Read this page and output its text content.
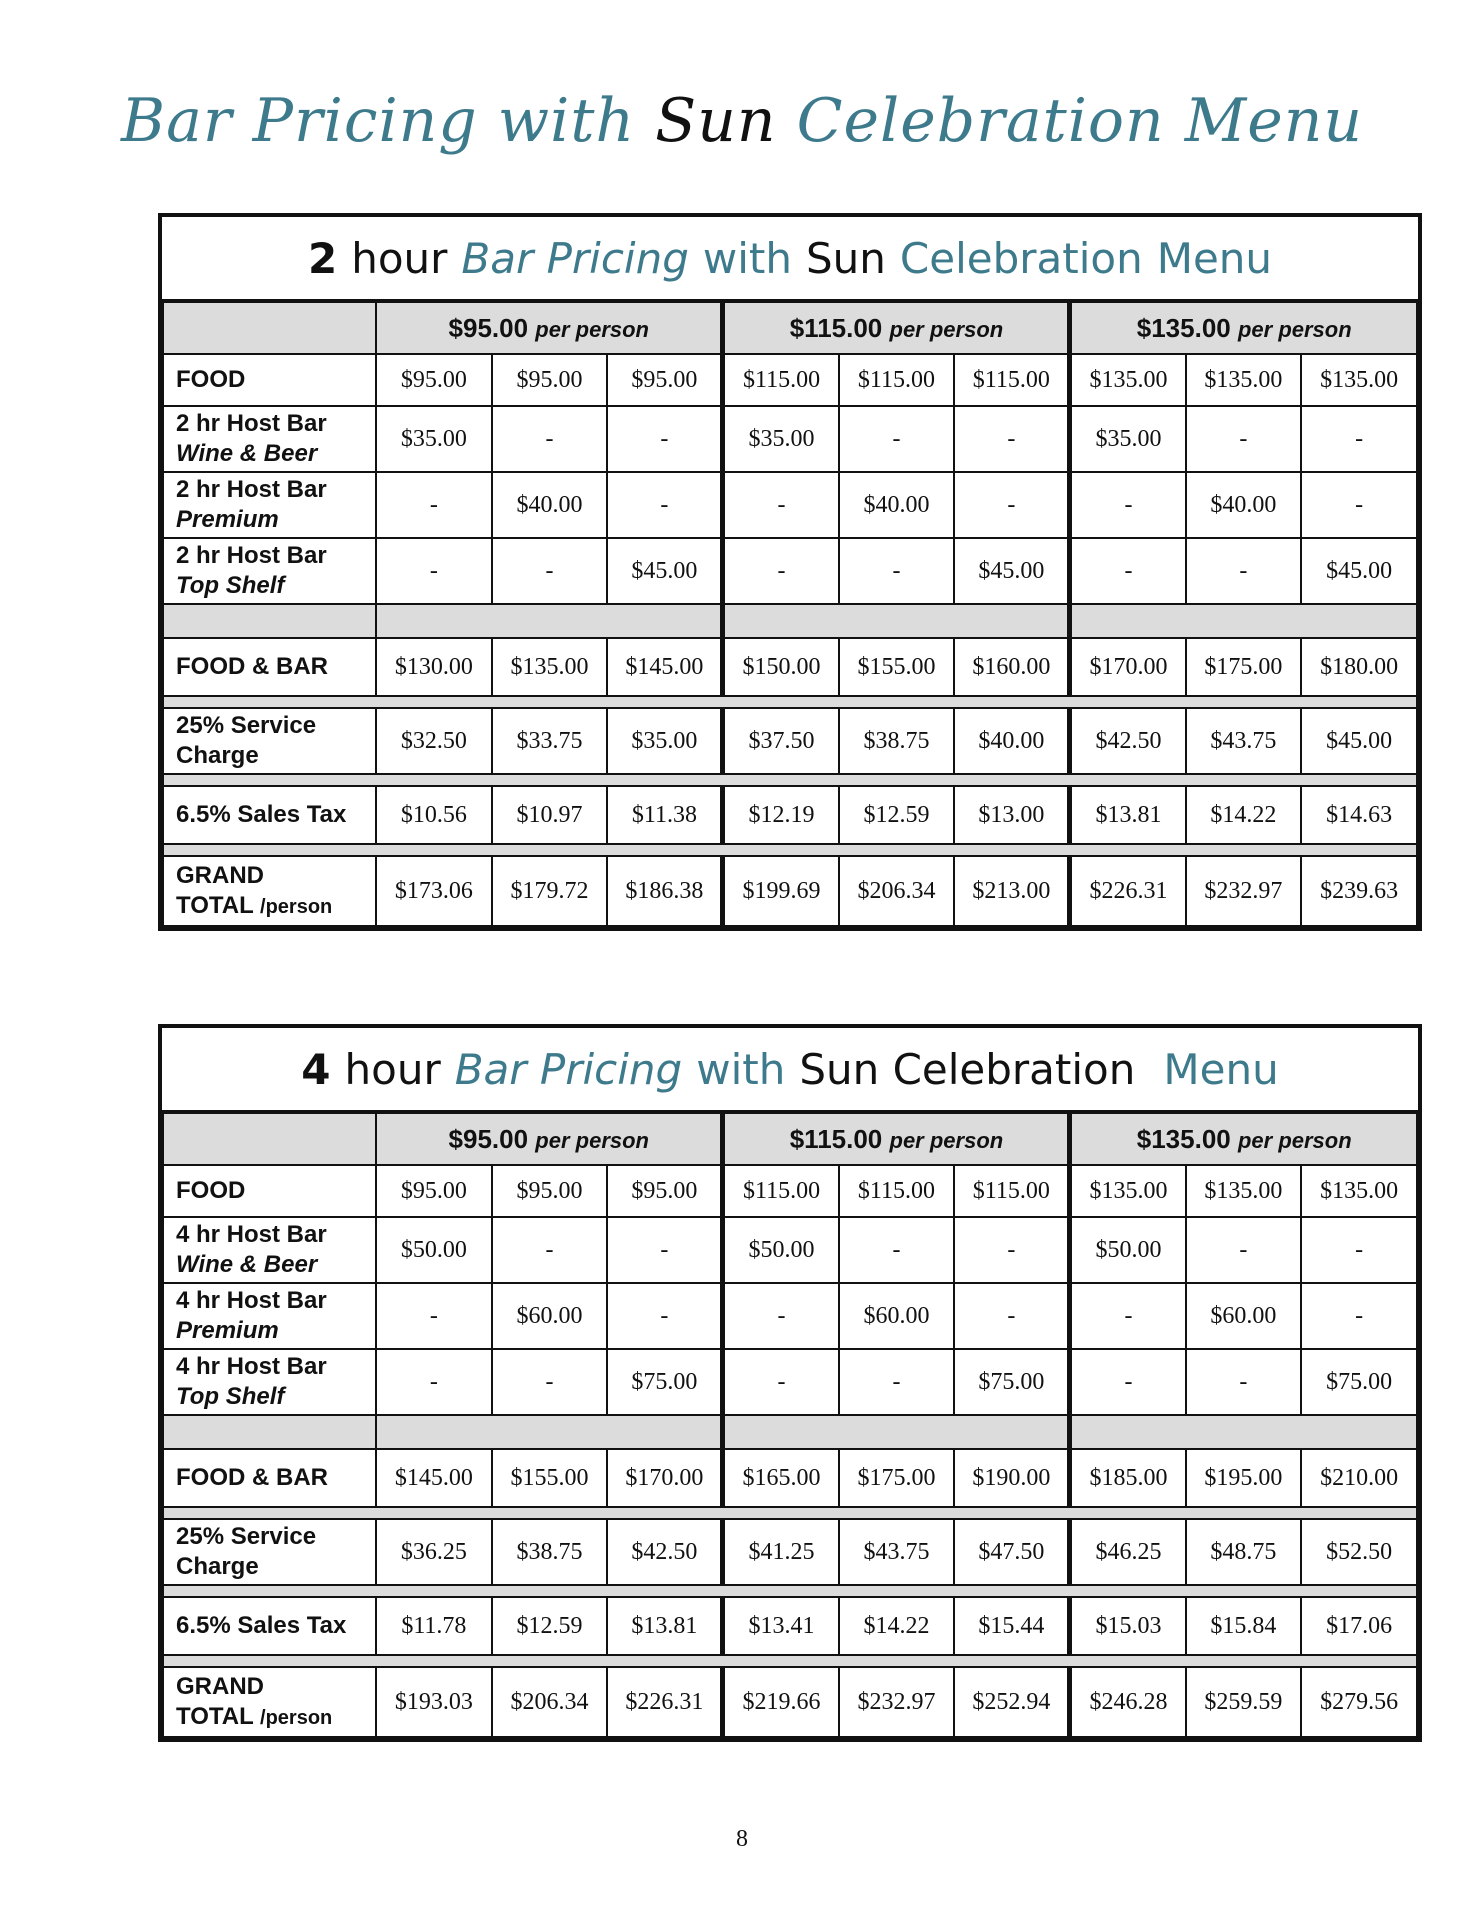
Bar Pricing with Sun Celebration Menu
2 hour Bar Pricing with Sun Celebration Menu
	$95.00 per person			$115.00 per person			$135.00 per person		
FOOD	$95.00	$95.00	$95.00	$115.00	$115.00	$115.00	$135.00	$135.00	$135.00
2 hr Host Bar
Wine & Beer	$35.00	-	-	$35.00	-	-	$35.00	-	-
2 hr Host Bar
Premium	-	$40.00	-	-	$40.00	-	-	$40.00	-
2 hr Host Bar
Top Shelf	-	-	$45.00	-	-	$45.00	-	-	$45.00

FOOD & BAR	$130.00	$135.00	$145.00	$150.00	$155.00	$160.00	$170.00	$175.00	$180.00

25% Service
Charge	$32.50	$33.75	$35.00	$37.50	$38.75	$40.00	$42.50	$43.75	$45.00

6.5% Sales Tax	$10.56	$10.97	$11.38	$12.19	$12.59	$13.00	$13.81	$14.22	$14.63

GRAND
TOTAL /person	$173.06	$179.72	$186.38	$199.69	$206.34	$213.00	$226.31	$232.97	$239.63
4 hour Bar Pricing with Sun Celebration Menu
	$95.00 per person			$115.00 per person			$135.00 per person		
FOOD	$95.00	$95.00	$95.00	$115.00	$115.00	$115.00	$135.00	$135.00	$135.00
4 hr Host Bar
Wine & Beer	$50.00	-	-	$50.00	-	-	$50.00	-	-
4 hr Host Bar
Premium	-	$60.00	-	-	$60.00	-	-	$60.00	-
4 hr Host Bar
Top Shelf	-	-	$75.00	-	-	$75.00	-	-	$75.00

FOOD & BAR	$145.00	$155.00	$170.00	$165.00	$175.00	$190.00	$185.00	$195.00	$210.00

25% Service
Charge	$36.25	$38.75	$42.50	$41.25	$43.75	$47.50	$46.25	$48.75	$52.50

6.5% Sales Tax	$11.78	$12.59	$13.81	$13.41	$14.22	$15.44	$15.03	$15.84	$17.06

GRAND
TOTAL /person	$193.03	$206.34	$226.31	$219.66	$232.97	$252.94	$246.28	$259.59	$279.56
8
